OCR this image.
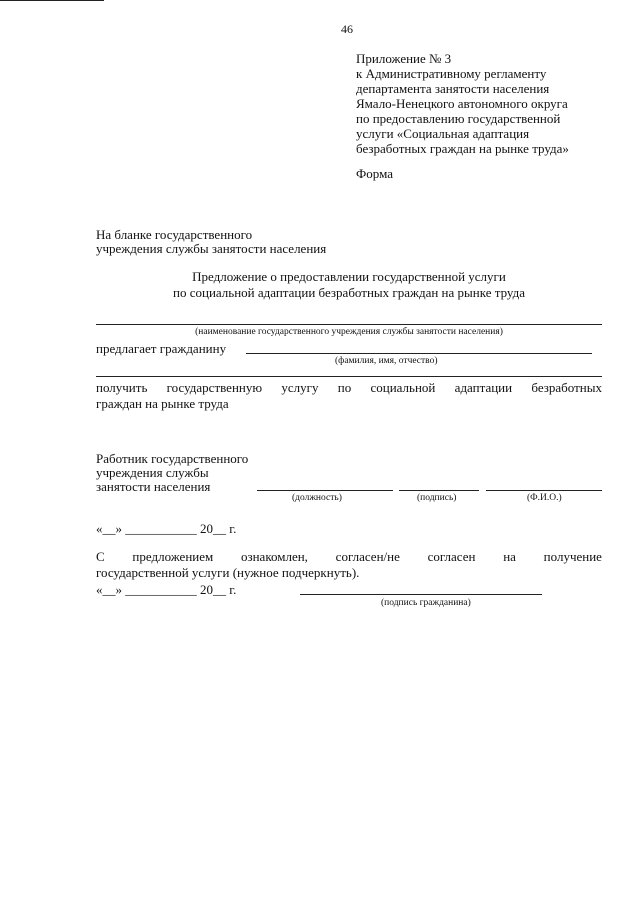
46
Приложение № 3
к Административному регламенту
департамента занятости населения
Ямало-Ненецкого автономного округа
по предоставлению государственной
услуги «Социальная адаптация
безработных граждан на рынке труда»
Форма
На бланке государственного
учреждения службы занятости населения
Предложение о предоставлении государственной услуги
по социальной адаптации безработных граждан на рынке труда
(наименование государственного учреждения службы занятости населения)
предлагает гражданину
(фамилия, имя, отчество)
получить государственную услугу по социальной адаптации безработных
граждан на рынке труда
Работник государственного
учреждения службы
занятости населения
(должность)	(подпись)	(Ф.И.О.)
«__» ___________ 20__ г.
С предложением ознакомлен, согласен/не согласен на получение
государственной услуги (нужное подчеркнуть).
«__» ___________ 20__ г.
(подпись гражданина)
